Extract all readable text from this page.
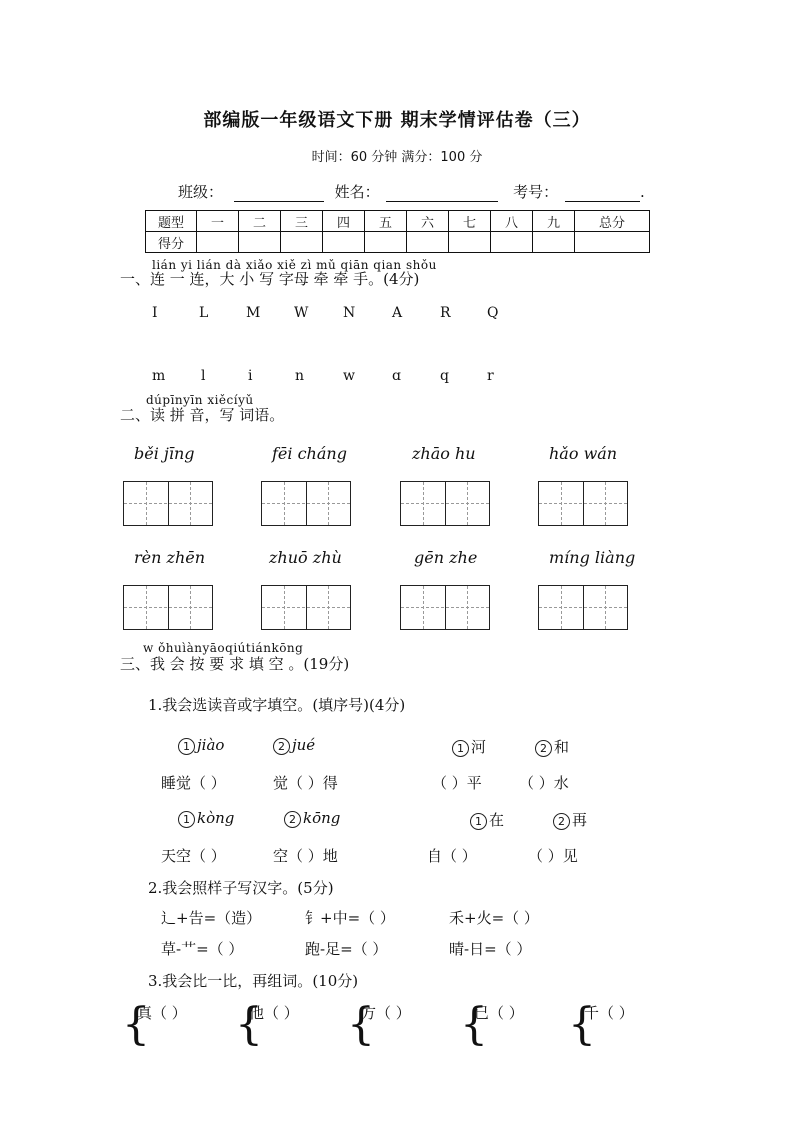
部编版一年级语文下册 期末学情评估卷（三）
时间：60 分钟 满分：100 分
班级：	姓名：	考号：	.
题型	一	二	三	四	五	六	七	八	九	总分
得分										
lián yi lián dà xiǎo xiě zì mǔ qiān qian shǒu
一、连 一 连，大 小 写 字母 牵 牵 手。(4分)
I	L	M W N	A	R	Q
m	l	i	n	w	ɑ	q	r
dúpīnyīn xiěcíyǔ
二、读 拼 音，写 词语。
běi jīng	fēi cháng	zhāo hu	hǎo wán
rèn zhēn	zhuō zhù	gēn zhe	míng liàng
w ǒhuìànyāoqiútiánkōng
三、我 会 按 要 求 填 空 。(19分)
1.我会选读音或字填空。(填序号)(4分)
1 jiào	2 jué	1 河	2 和
睡觉（ ）	觉（ ）得	（ ）平 （ ）水
1 kòng	2 kōng	1 在	2 再
天空（ ）	空（ ）地	自（ ）	（ ）见
2.我会照样子写汉字。(5分)
辶+告=（造）	钅+中=（ ）	禾+火=（ ）
草-艹=（ ）	跑-足=（ ）	晴-日=（ ）
3.我会比一比，再组词。(10分)
{
真（ ） {
他（ ） {
方（ ） {
已（ ） {
千（ ）
